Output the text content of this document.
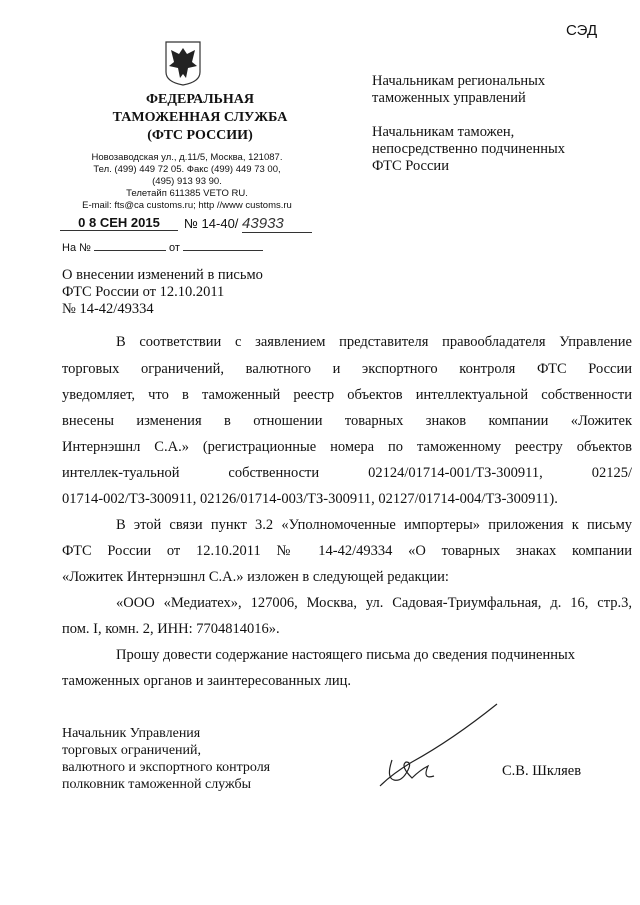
СЭД
ФЕДЕРАЛЬНАЯ
ТАМОЖЕННАЯ СЛУЖБА
(ФТС РОССИИ)
Новозаводская ул., д.11/5, Москва, 121087.
Тел. (499) 449 72 05. Факс (499) 449 73 00,
(495) 913 93 90.
Телетайп 611385 VETO RU.
E-mail: fts@ca customs.ru; http //www customs.ru
0 8 СЕН 2015	№ 14-40/ 43933
На №	от
Начальникам региональных
таможенных управлений
Начальникам таможен,
непосредственно подчиненных
ФТС России
О внесении изменений в письмо
ФТС России от 12.10.2011
№ 14-42/49334
В соответствии с заявлением представителя правообладателя Управление
торговых ограничений, валютного и экспортного контроля ФТС России
уведомляет, что в таможенный реестр объектов интеллектуальной собственности
внесены изменения в отношении товарных знаков компании «Ложитек
Интернэшнл С.А.» (регистрационные номера по таможенному реестру объектов
интеллек-туальной собственности 02124/01714-001/ТЗ-300911, 02125/
01714-002/ТЗ-300911, 02126/01714-003/ТЗ-300911, 02127/01714-004/ТЗ-300911).
В этой связи пункт 3.2 «Уполномоченные импортеры» приложения к письму
ФТС России от 12.10.2011 № 14-42/49334 «О товарных знаках компании
«Ложитек Интернэшнл С.А.» изложен в следующей редакции:
«ООО «Медиатех», 127006, Москва, ул. Садовая-Триумфальная, д. 16, стр.3,
пом. I, комн. 2, ИНН: 7704814016».
Прошу довести содержание настоящего письма до сведения подчиненных
таможенных органов и заинтересованных лиц.
Начальник Управления
торговых ограничений,
валютного и экспортного контроля
полковник таможенной службы
С.В. Шкляев
